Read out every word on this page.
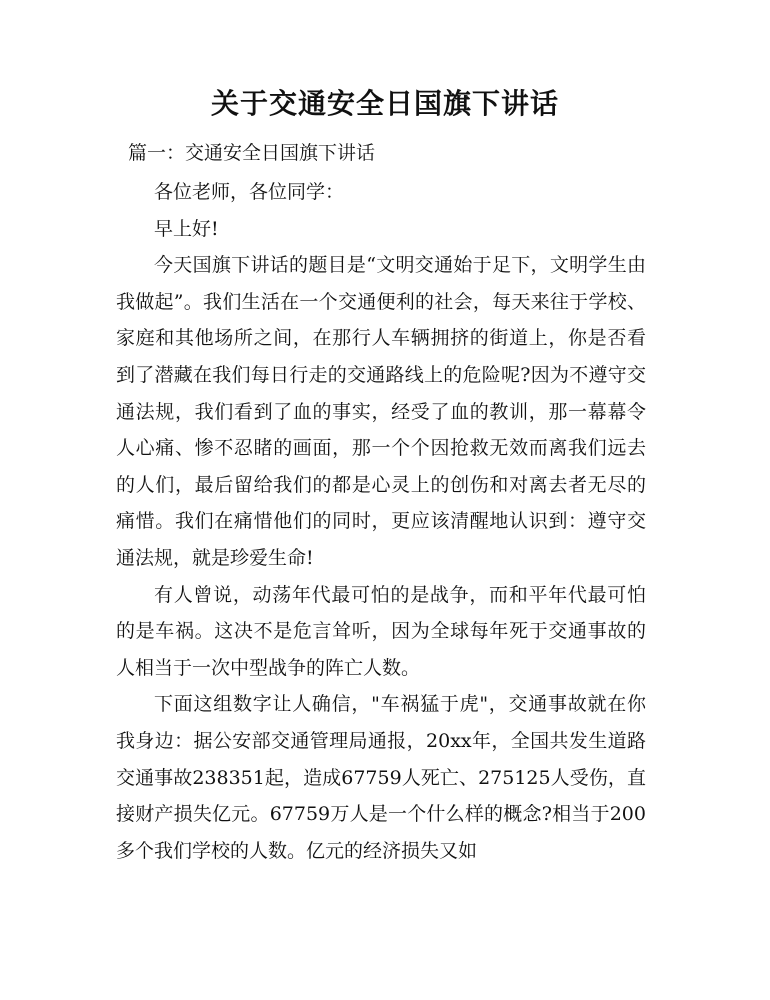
关于交通安全日国旗下讲话
篇一：交通安全日国旗下讲话

各位老师，各位同学：

早上好!

今天国旗下讲话的题目是“文明交通始于足下，文明学生由我做起”。我们生活在一个交通便利的社会，每天来往于学校、家庭和其他场所之间，在那行人车辆拥挤的街道上，你是否看到了潜藏在我们每日行走的交通路线上的危险呢?因为不遵守交通法规，我们看到了血的事实，经受了血的教训，那一幕幕令人心痛、惨不忍睹的画面，那一个个因抢救无效而离我们远去的人们，最后留给我们的都是心灵上的创伤和对离去者无尽的痛惜。我们在痛惜他们的同时，更应该清醒地认识到：遵守交通法规，就是珍爱生命!

有人曾说，动荡年代最可怕的是战争，而和平年代最可怕的是车祸。这决不是危言耸听，因为全球每年死于交通事故的人相当于一次中型战争的阵亡人数。

下面这组数字让人确信，"车祸猛于虎"，交通事故就在你我身边：据公安部交通管理局通报，20xx年，全国共发生道路交通事故238351起，造成67759人死亡、275125人受伤，直接财产损失亿元。67759万人是一个什么样的概念?相当于200多个我们学校的人数。亿元的经济损失又如
